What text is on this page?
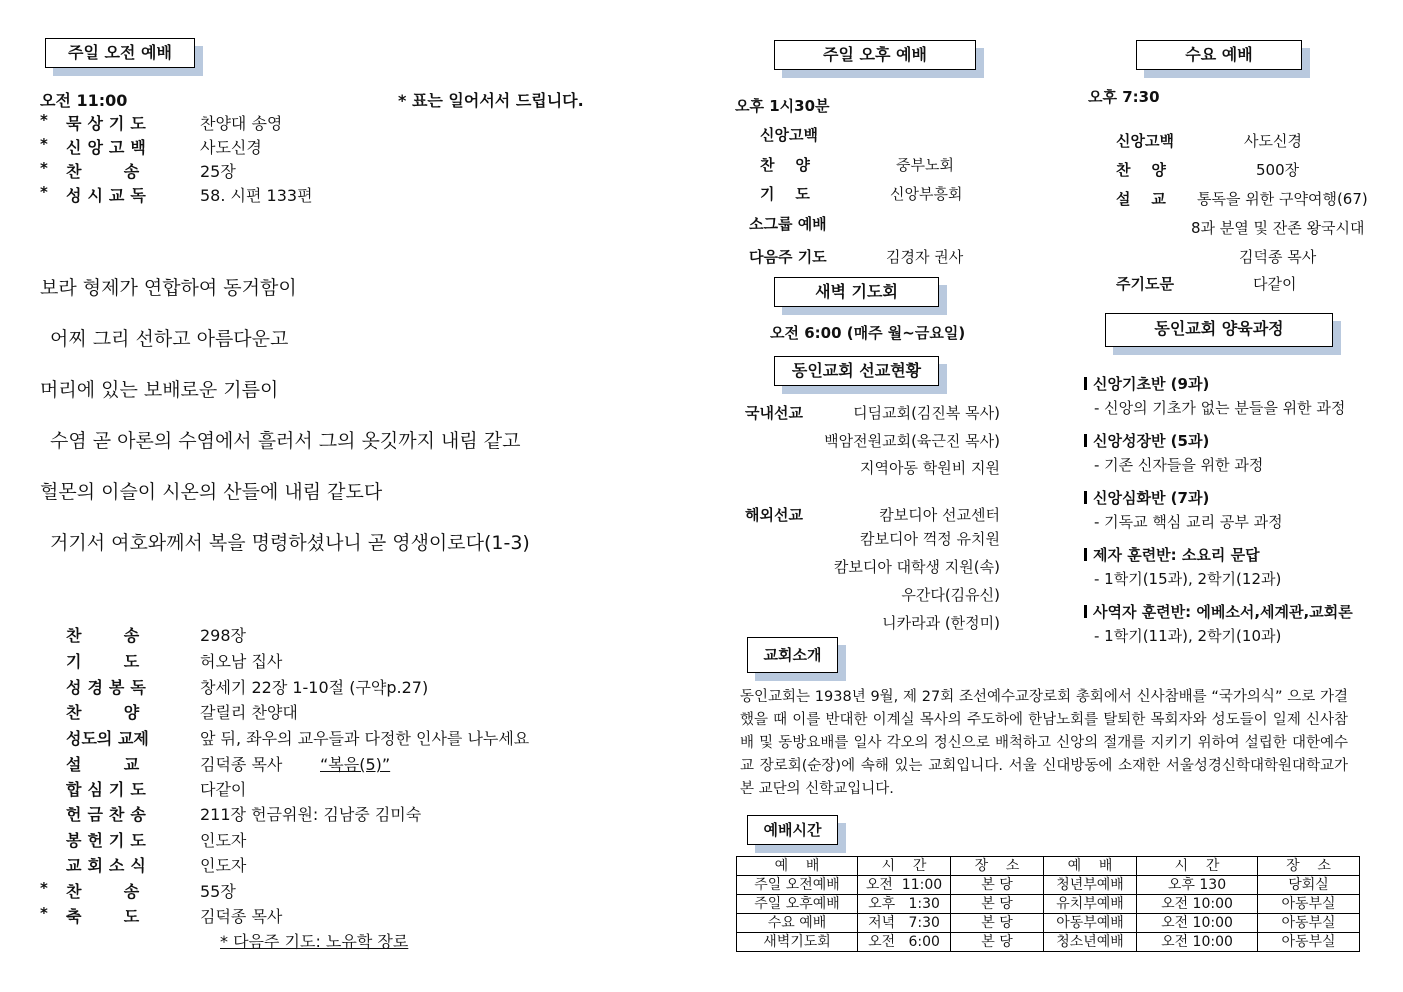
주일 오전 예배
오전 11:00	* 표는 일어서서 드립니다.
* 묵상기도	찬양대 송영
* 신앙고백	사도신경
* 찬    송	25장
* 성시교독	58. 시편 133편
보라 형제가 연합하여 동거함이
어찌 그리 선하고 아름다운고
머리에 있는 보배로운 기름이
수염 곧 아론의 수염에서 흘러서 그의 옷깃까지 내림 같고
헐몬의 이슬이 시온의 산들에 내림 같도다
거기서 여호와께서 복을 명령하셨나니 곧 영생이로다(1-3)
찬    송	298장
기    도	허오남 집사
성경봉독	창세기 22장 1-10절 (구약p.27)
찬    양	갈릴리 찬양대
성도의 교제	앞 뒤, 좌우의 교우들과 다정한 인사를 나누세요
설    교	김덕종 목사 “복음(5)”
합심기도	다같이
헌금찬송	211장 헌금위원: 김남중 김미숙
봉헌기도	인도자
교회소식	인도자
* 찬    송	55장
* 축    도	김덕종 목사
* 다음주 기도: 노유학 장로
주일 오후 예배
오후 1시30분
신앙고백
찬    양	중부노회
기    도	신앙부흥회
소그룹 예배
다음주 기도	김경자 권사
새벽 기도회
오전 6:00 (매주 월~금요일)
동인교회 선교현황
국내선교	디딤교회(김진복 목사)
백암전원교회(육근진 목사)
지역아동 학원비 지원
해외선교	캄보디아 선교센터
캄보디아 꺽정 유치원
캄보디아 대학생 지원(속)
우간다(김유신)
니카라과 (한정미)
수요 예배
오후 7:30
신앙고백	사도신경
찬    양	500장
설    교 통독을 위한 구약여행(67)
8과 분열 및 잔존 왕국시대
김덕종 목사
주기도문	다같이
동인교회 양육과정
신앙기초반 (9과)
- 신앙의 기초가 없는 분들을 위한 과정
신앙성장반 (5과)
- 기존 신자들을 위한 과정
신앙심화반 (7과)
- 기독교 핵심 교리 공부 과정
제자 훈련반: 소요리 문답
- 1학기(15과), 2학기(12과)
사역자 훈련반: 에베소서,세계관,교회론
- 1학기(11과), 2학기(10과)
교회소개
동인교회는 1938년 9월, 제 27회 조선예수교장로회 총회에서 신사참배를 “국가의식” 으로 가결했을 때 이를 반대한 이계실 목사의 주도하에 한남노회를 탈퇴한 목회자와 성도들이 일제 신사참배 및 동방요배를 일사 각오의 정신으로 배척하고 신앙의 절개를 지키기 위하여 설립한 대한예수교 장로회(순장)에 속해 있는 교회입니다. 서울 신대방동에 소재한 서울성경신학대학원대학교가 본 교단의 신학교입니다.
예배시간
예    배	시    간	장    소	예    배	시    간	장    소
주일 오전예배	오전  11:00	본 당	청년부예배	오후 130	당회실
주일 오후예배	오후   1:30	본 당	유치부예배	오전 10:00	아동부실
수요 예배	저녁   7:30	본 당	아동부예배	오전 10:00	아동부실
새벽기도회	오전   6:00	본 당	청소년예배	오전 10:00	아동부실
